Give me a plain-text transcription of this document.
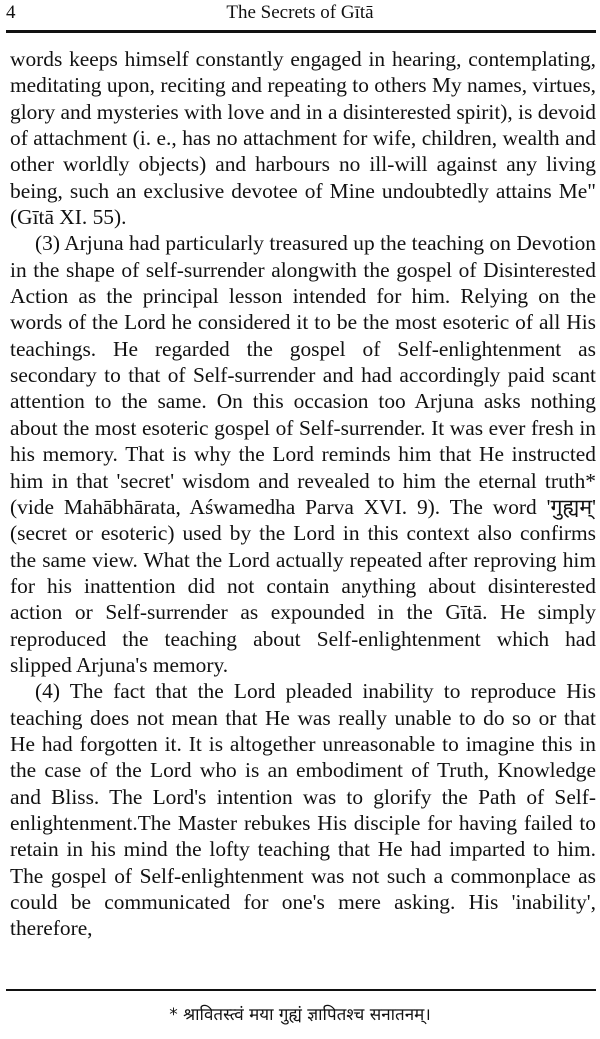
4	The Secrets of Gītā

words keeps himself constantly engaged in hearing, contemplating, meditating upon, reciting and repeating to others My names, virtues, glory and mysteries with love and in a disinterested spirit), is devoid of attachment (i. e., has no attachment for wife, children, wealth and other worldly objects) and harbours no ill-will against any living being, such an exclusive devotee of Mine undoubtedly attains Me" (Gītā XI. 55).

(3) Arjuna had particularly treasured up the teaching on Devotion in the shape of self-surrender alongwith the gospel of Disinterested Action as the principal lesson intended for him. Relying on the words of the Lord he considered it to be the most esoteric of all His teachings. He regarded the gospel of Self-enlightenment as secondary to that of Self-surrender and had accordingly paid scant attention to the same. On this occasion too Arjuna asks nothing about the most esoteric gospel of Self-surrender. It was ever fresh in his memory. That is why the Lord reminds him that He instructed him in that 'secret' wisdom and revealed to him the eternal truth* (vide Mahābhārata, Aśwamedha Parva XVI. 9). The word 'गुह्यम्' (secret or esoteric) used by the Lord in this context also confirms the same view. What the Lord actually repeated after reproving him for his inattention did not contain anything about disinterested action or Self-surrender as expounded in the Gītā. He simply reproduced the teaching about Self-enlightenment which had slipped Arjuna's memory.

(4) The fact that the Lord pleaded inability to reproduce His teaching does not mean that He was really unable to do so or that He had forgotten it. It is altogether unreasonable to imagine this in the case of the Lord who is an embodiment of Truth, Knowledge and Bliss. The Lord's intention was to glorify the Path of Self-enlightenment.The Master rebukes His disciple for having failed to retain in his mind the lofty teaching that He had imparted to him. The gospel of Self-enlightenment was not such a commonplace as could be communicated for one's mere asking. His 'inability', therefore,

* श्रावितस्त्वं मया गुह्यं ज्ञापितश्च सनातनम्।
